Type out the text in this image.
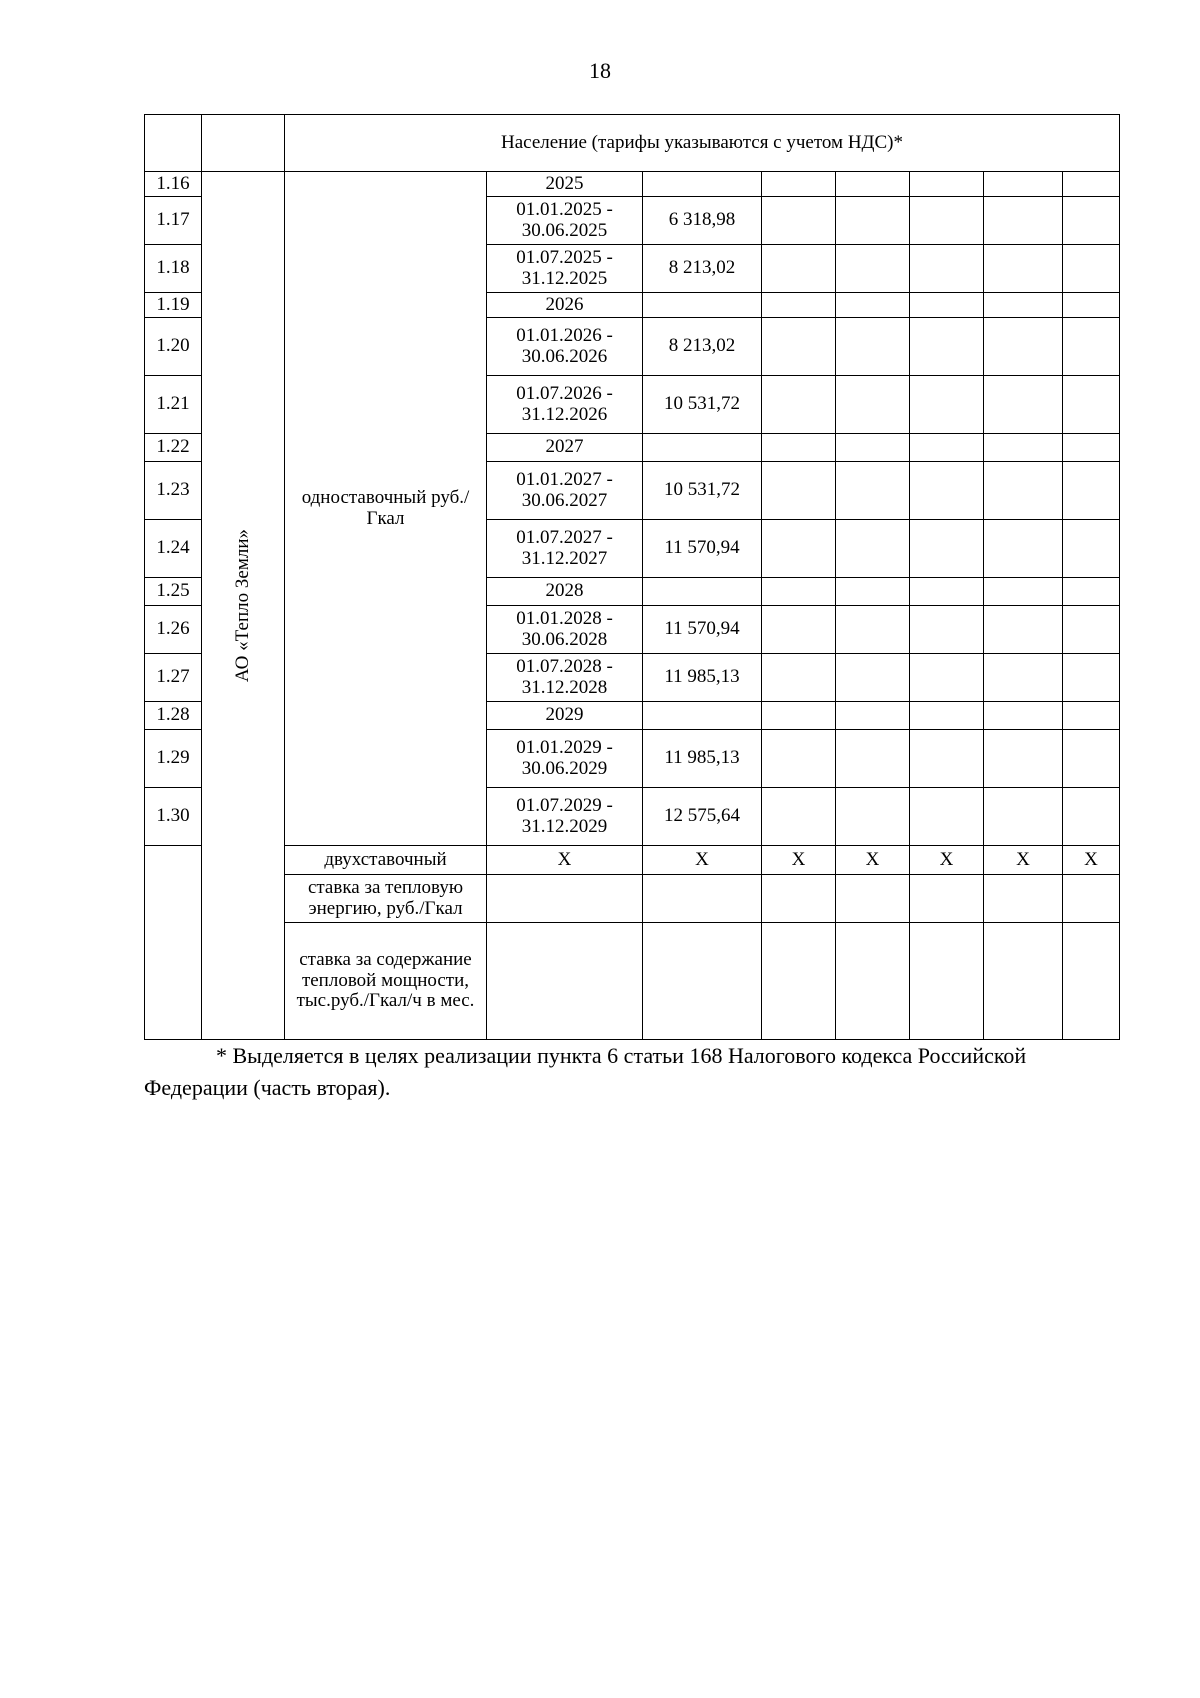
18
		Население (тарифы указываются с учетом НДС)*							
1.16	АО «Тепло Земли»	одноставочный руб./Гкал	2025						
1.17			01.01.2025 - 30.06.2025	6 318,98					
1.18			01.07.2025 - 31.12.2025	8 213,02					
1.19			2026						
1.20			01.01.2026 - 30.06.2026	8 213,02					
1.21			01.07.2026 - 31.12.2026	10 531,72					
1.22			2027						
1.23			01.01.2027 - 30.06.2027	10 531,72					
1.24			01.07.2027 - 31.12.2027	11 570,94					
1.25			2028						
1.26			01.01.2028 - 30.06.2028	11 570,94					
1.27			01.07.2028 - 31.12.2028	11 985,13					
1.28			2029						
1.29			01.01.2029 - 30.06.2029	11 985,13					
1.30			01.07.2029 - 31.12.2029	12 575,64					
		двухставочный	Х	Х	Х	Х	Х	Х	Х
		ставка за тепловую энергию, руб./Гкал							
		ставка за содержание тепловой мощности, тыс.руб./Гкал/ч в мес.							
* Выделяется в целях реализации пункта 6 статьи 168 Налогового кодекса Российской
Федерации (часть вторая).
